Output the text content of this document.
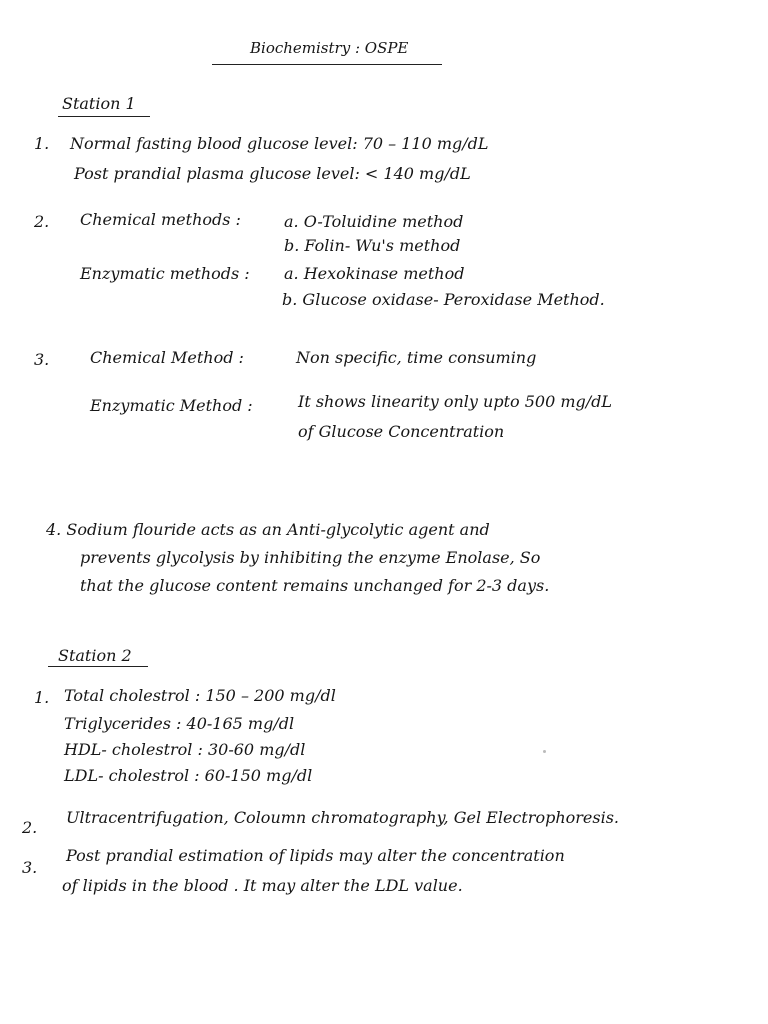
Biochemistry : OSPE
Station 1
1. Normal fasting blood glucose level: 70 – 110 mg/dL
Post prandial plasma glucose level: < 140 mg/dL
2. Chemical methods :	a. O-Toluidine method
b. Folin- Wu's method
Enzymatic methods : a. Hexokinase method
b. Glucose oxidase- Peroxidase Method.
3.	Chemical Method :	Non specific, time consuming
Enzymatic Method :	It shows linearity only upto 500 mg/dL
of Glucose Concentration
4. Sodium flouride acts as an Anti-glycolytic agent and
prevents glycolysis by inhibiting the enzyme Enolase, So
that the glucose content remains unchanged for 2-3 days.
Station 2
1. Total cholestrol : 150 – 200 mg/dl
Triglycerides : 40-165 mg/dl
HDL- cholestrol : 30-60 mg/dl
LDL- cholestrol : 60-150 mg/dl
2.
Ultracentrifugation, Coloumn chromatography, Gel Electrophoresis.
3.
Post prandial estimation of lipids may alter the concentration
of lipids in the blood . It may alter the LDL value.
